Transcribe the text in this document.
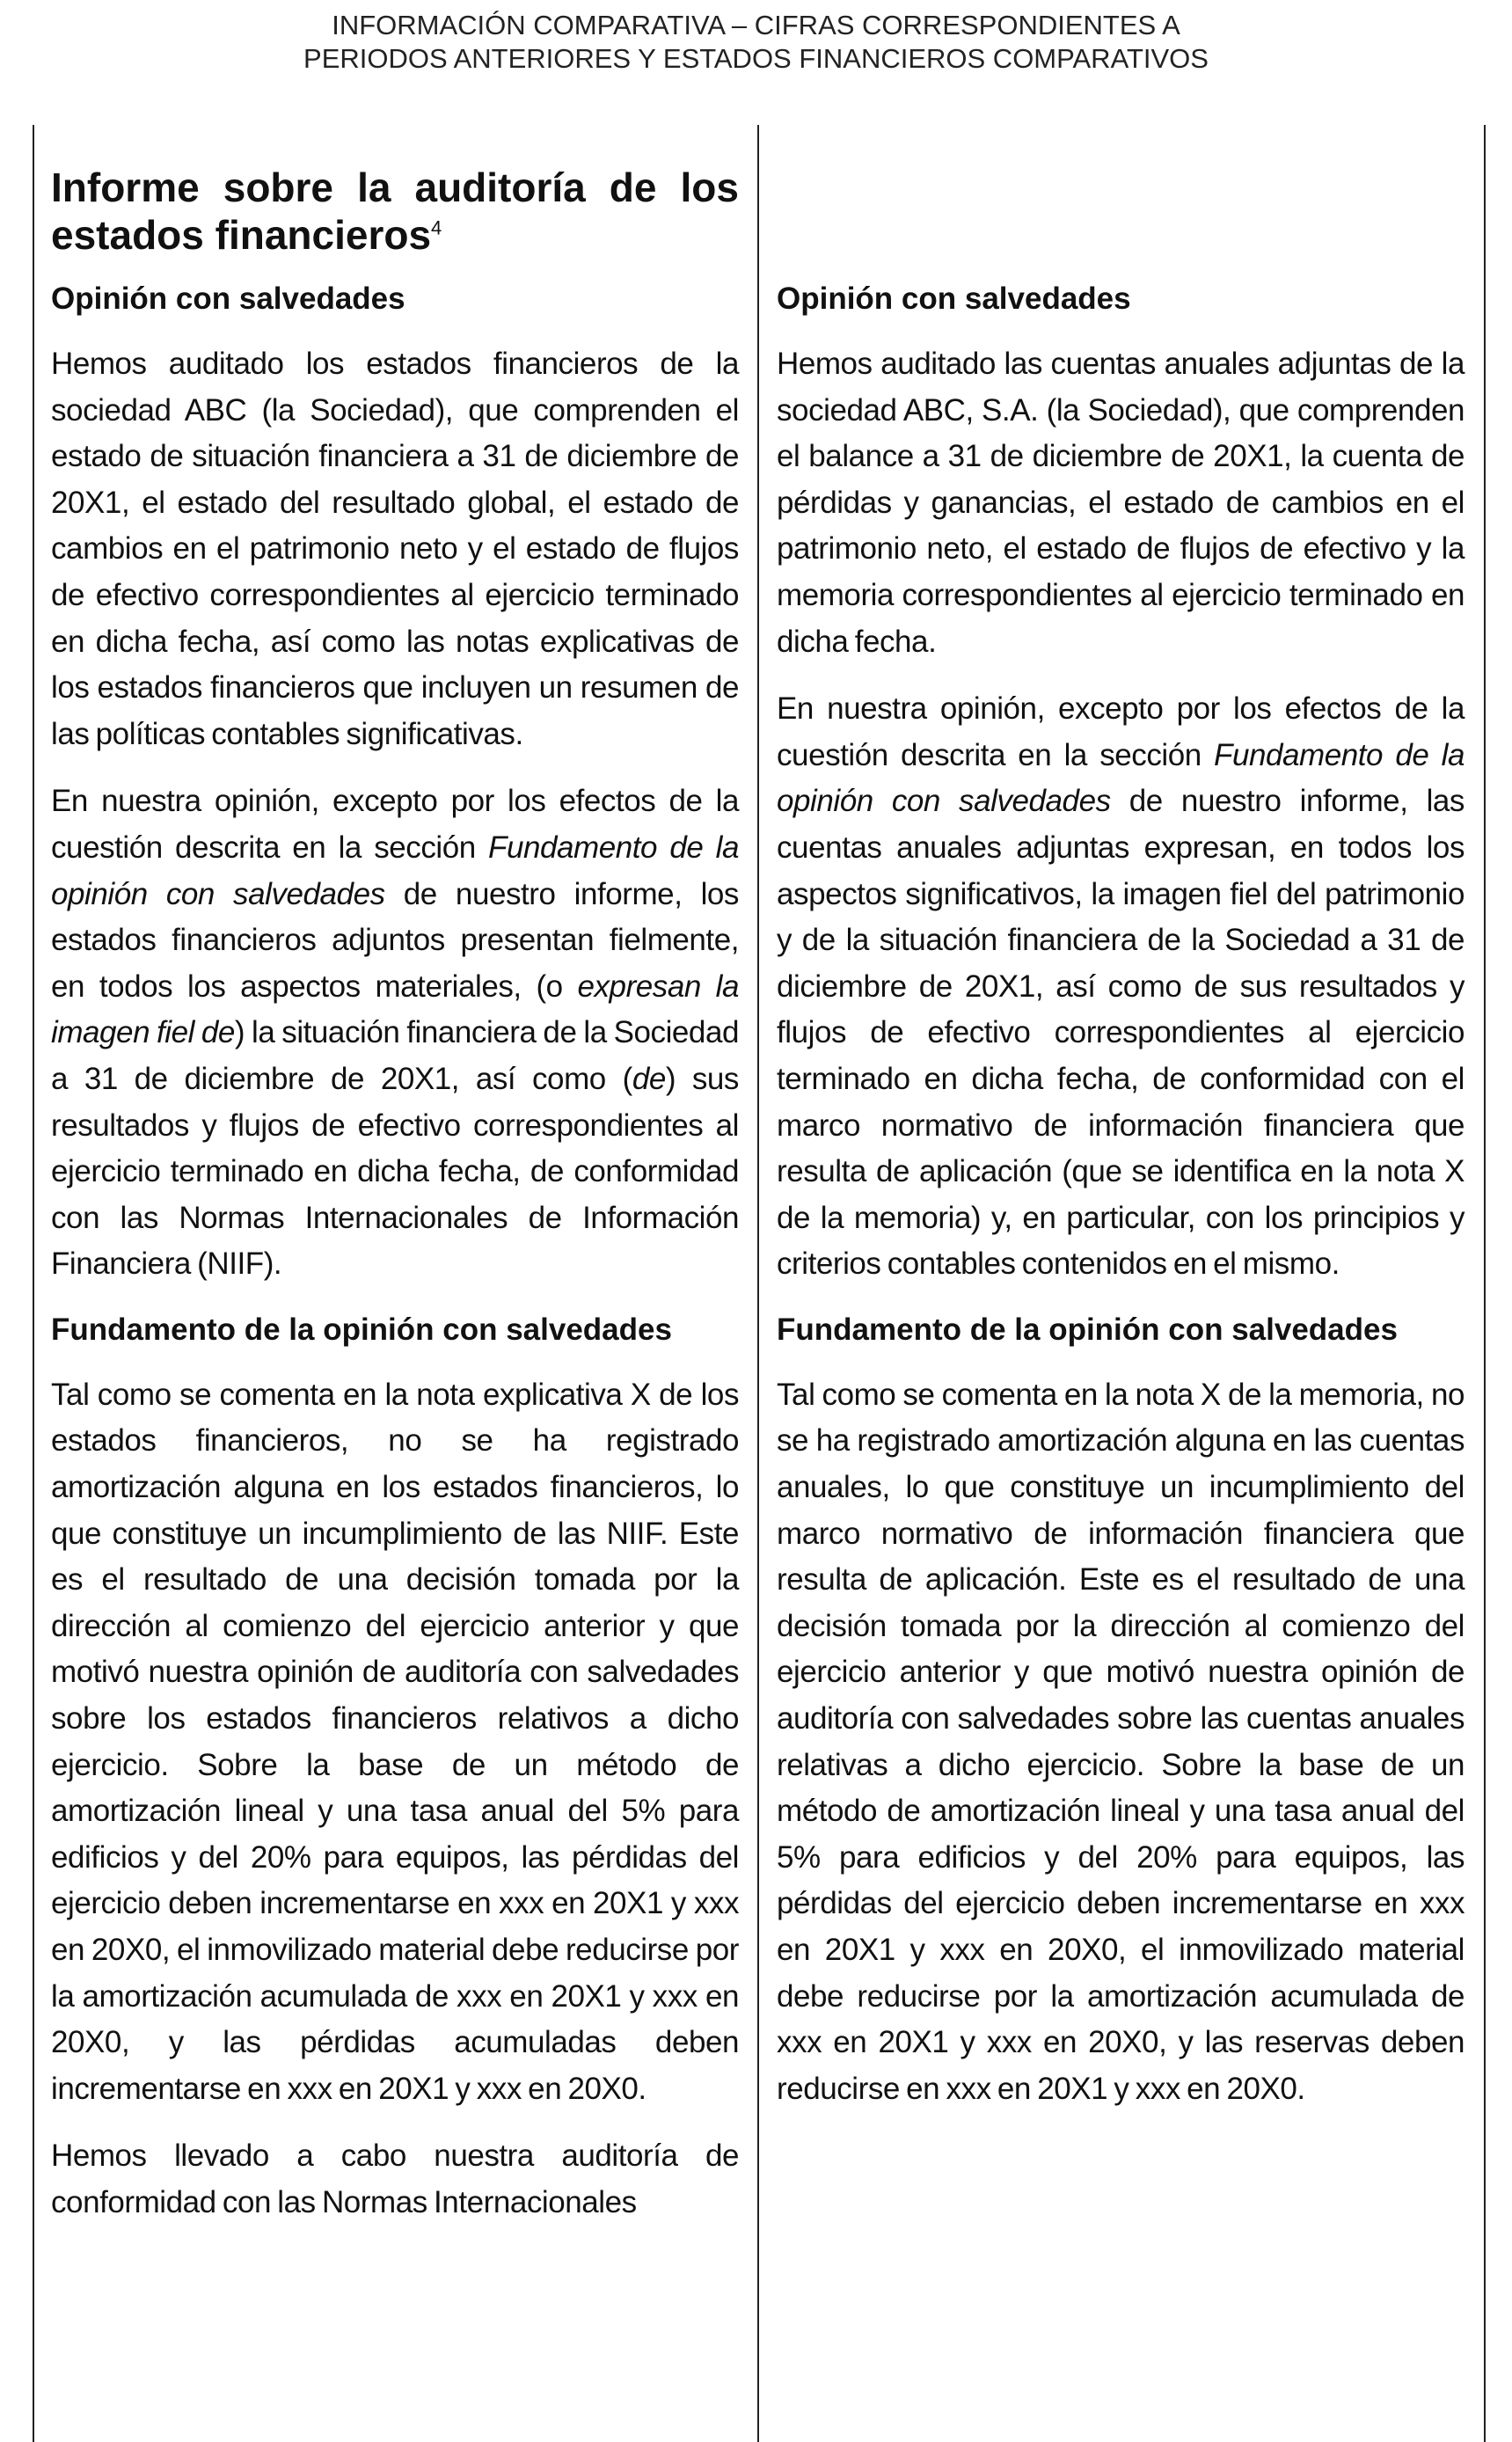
INFORMACIÓN COMPARATIVA – CIFRAS CORRESPONDIENTES A
PERIODOS ANTERIORES Y ESTADOS FINANCIEROS COMPARATIVOS
Informe sobre la auditoría de los estados financieros$^4$
Opinión con salvedades

Hemos auditado los estados financieros de la sociedad ABC (la Sociedad), que comprenden el estado de situación financiera a 31 de diciembre de 20X1, el estado del resultado global, el estado de cambios en el patrimonio neto y el estado de flujos de efectivo correspondientes al ejercicio terminado en dicha fecha, así como las notas explicativas de los estados financieros que incluyen un resumen de las políticas contables significativas.

En nuestra opinión, excepto por los efectos de la cuestión descrita en la sección Fundamento de la opinión con salvedades de nuestro informe, los estados financieros adjuntos presentan fielmente, en todos los aspectos materiales, (o expresan la imagen fiel de) la situación financiera de la Sociedad a 31 de diciembre de 20X1, así como (de) sus resultados y flujos de efectivo correspondientes al ejercicio terminado en dicha fecha, de conformidad con las Normas Internacionales de Información Financiera (NIIF).

Fundamento de la opinión con salvedades

Tal como se comenta en la nota explicativa X de los estados financieros, no se ha registrado amortización alguna en los estados financieros, lo que constituye un incumplimiento de las NIIF. Este es el resultado de una decisión tomada por la dirección al comienzo del ejercicio anterior y que motivó nuestra opinión de auditoría con salvedades sobre los estados financieros relativos a dicho ejercicio. Sobre la base de un método de amortización lineal y una tasa anual del 5% para edificios y del 20% para equipos, las pérdidas del ejercicio deben incrementarse en xxx en 20X1 y xxx en 20X0, el inmovilizado material debe reducirse por la amortización acumulada de xxx en 20X1 y xxx en 20X0, y las pérdidas acumuladas deben incrementarse en xxx en 20X1 y xxx en 20X0.

Hemos llevado a cabo nuestra auditoría de conformidad con las Normas Internacionales

Opinión con salvedades

Hemos auditado las cuentas anuales adjuntas de la sociedad ABC, S.A. (la Sociedad), que comprenden el balance a 31 de diciembre de 20X1, la cuenta de pérdidas y ganancias, el estado de cambios en el patrimonio neto, el estado de flujos de efectivo y la memoria correspondientes al ejercicio terminado en dicha fecha.

En nuestra opinión, excepto por los efectos de la cuestión descrita en la sección Fundamento de la opinión con salvedades de nuestro informe, las cuentas anuales adjuntas expresan, en todos los aspectos significativos, la imagen fiel del patrimonio y de la situación financiera de la Sociedad a 31 de diciembre de 20X1, así como de sus resultados y flujos de efectivo correspondientes al ejercicio terminado en dicha fecha, de conformidad con el marco normativo de información financiera que resulta de aplicación (que se identifica en la nota X de la memoria) y, en particular, con los principios y criterios contables contenidos en el mismo.

Fundamento de la opinión con salvedades

Tal como se comenta en la nota X de la memoria, no se ha registrado amortización alguna en las cuentas anuales, lo que constituye un incumplimiento del marco normativo de información financiera que resulta de aplicación. Este es el resultado de una decisión tomada por la dirección al comienzo del ejercicio anterior y que motivó nuestra opinión de auditoría con salvedades sobre las cuentas anuales relativas a dicho ejercicio. Sobre la base de un método de amortización lineal y una tasa anual del 5% para edificios y del 20% para equipos, las pérdidas del ejercicio deben incrementarse en xxx en 20X1 y xxx en 20X0, el inmovilizado material debe reducirse por la amortización acumulada de xxx en 20X1 y xxx en 20X0, y las reservas deben reducirse en xxx en 20X1 y xxx en 20X0.
